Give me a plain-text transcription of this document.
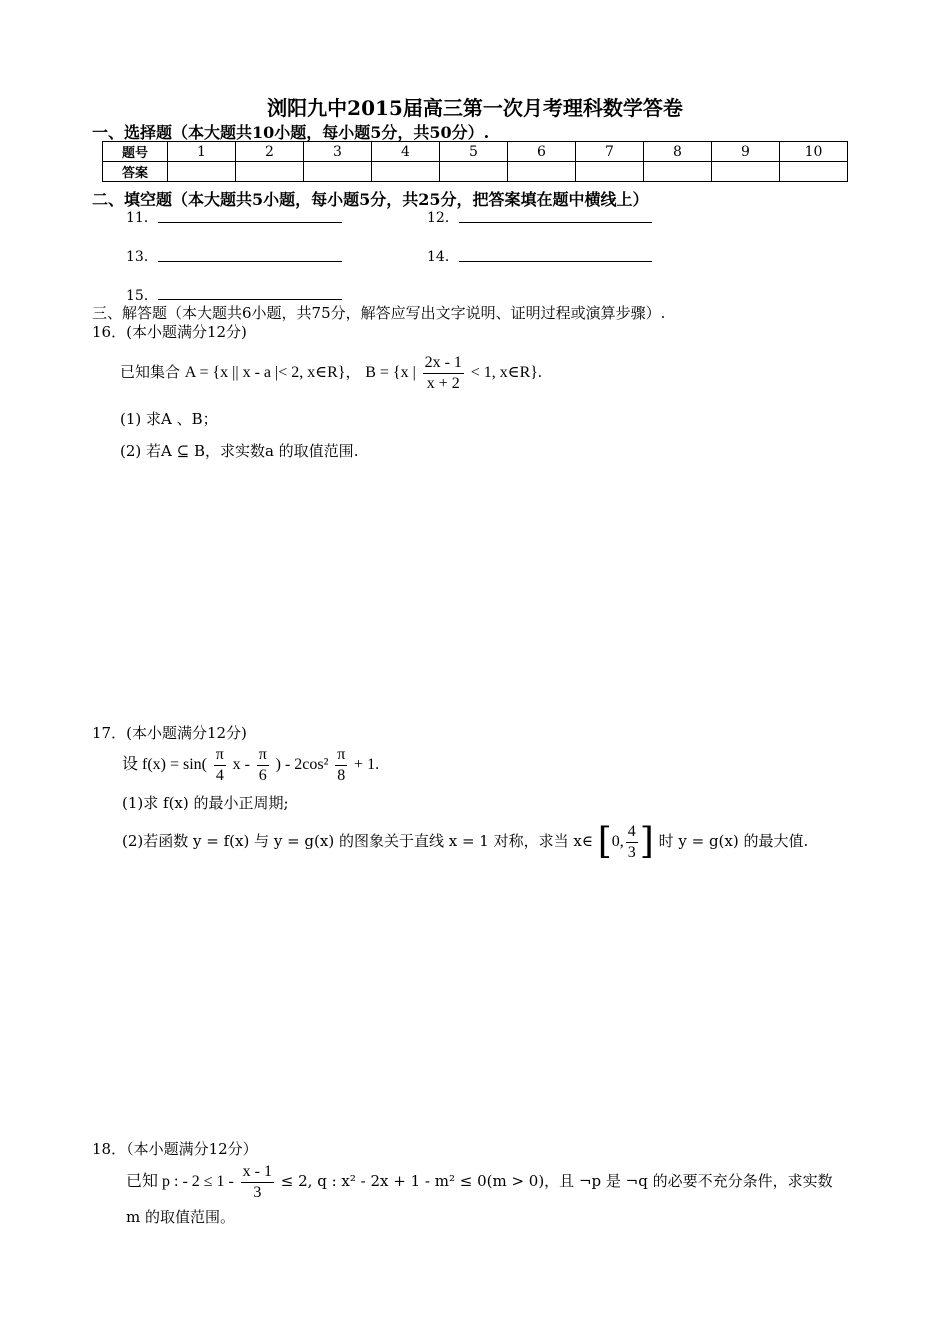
浏阳九中2015届高三第一次月考理科数学答卷
一、选择题（本大题共10小题，每小题5分，共50分）.
题号	1	2	3	4	5	6	7	8	9	10
答案										
二、填空题（本大题共5小题，每小题5分，共25分，把答案填在题中横线上）
11．	12．
13．	14．
15．
三、解答题（本大题共6小题，共75分，解答应写出文字说明、证明过程或演算步骤）.
16．(本小题满分12分)
已知集合 A = {x || x - a |< 2, x∈R}， B = {x | $\frac{2x - 1}{x + 2} < 1$, x∈R}.
(1) 求A 、B；
(2) 若A ⊆ B，求实数a 的取值范围.
17．(本小题满分12分)
设 $f(x) = \sin( \frac{\pi}{4}$ x - $\frac{\pi}{6}$ ) - $2\cos^2 \frac{\pi}{8} + 1$.
(1)求 f(x) 的最小正周期;
(2)若函数 y = f(x) 与 y = g(x) 的图象关于直线 x = 1 对称，求当 x∈ [0, $\frac{4}{3}$ ] 时 y = g(x) 的最大值.
18．（本小题满分12分）
已知 p : - $2 \le 1 - \frac{x - 1}{3} \le 2$, q : x² - 2x + 1 - m² ≤ 0(m > 0)，且 ¬p 是 ¬q 的必要不充分条件，求实数
m 的取值范围。
